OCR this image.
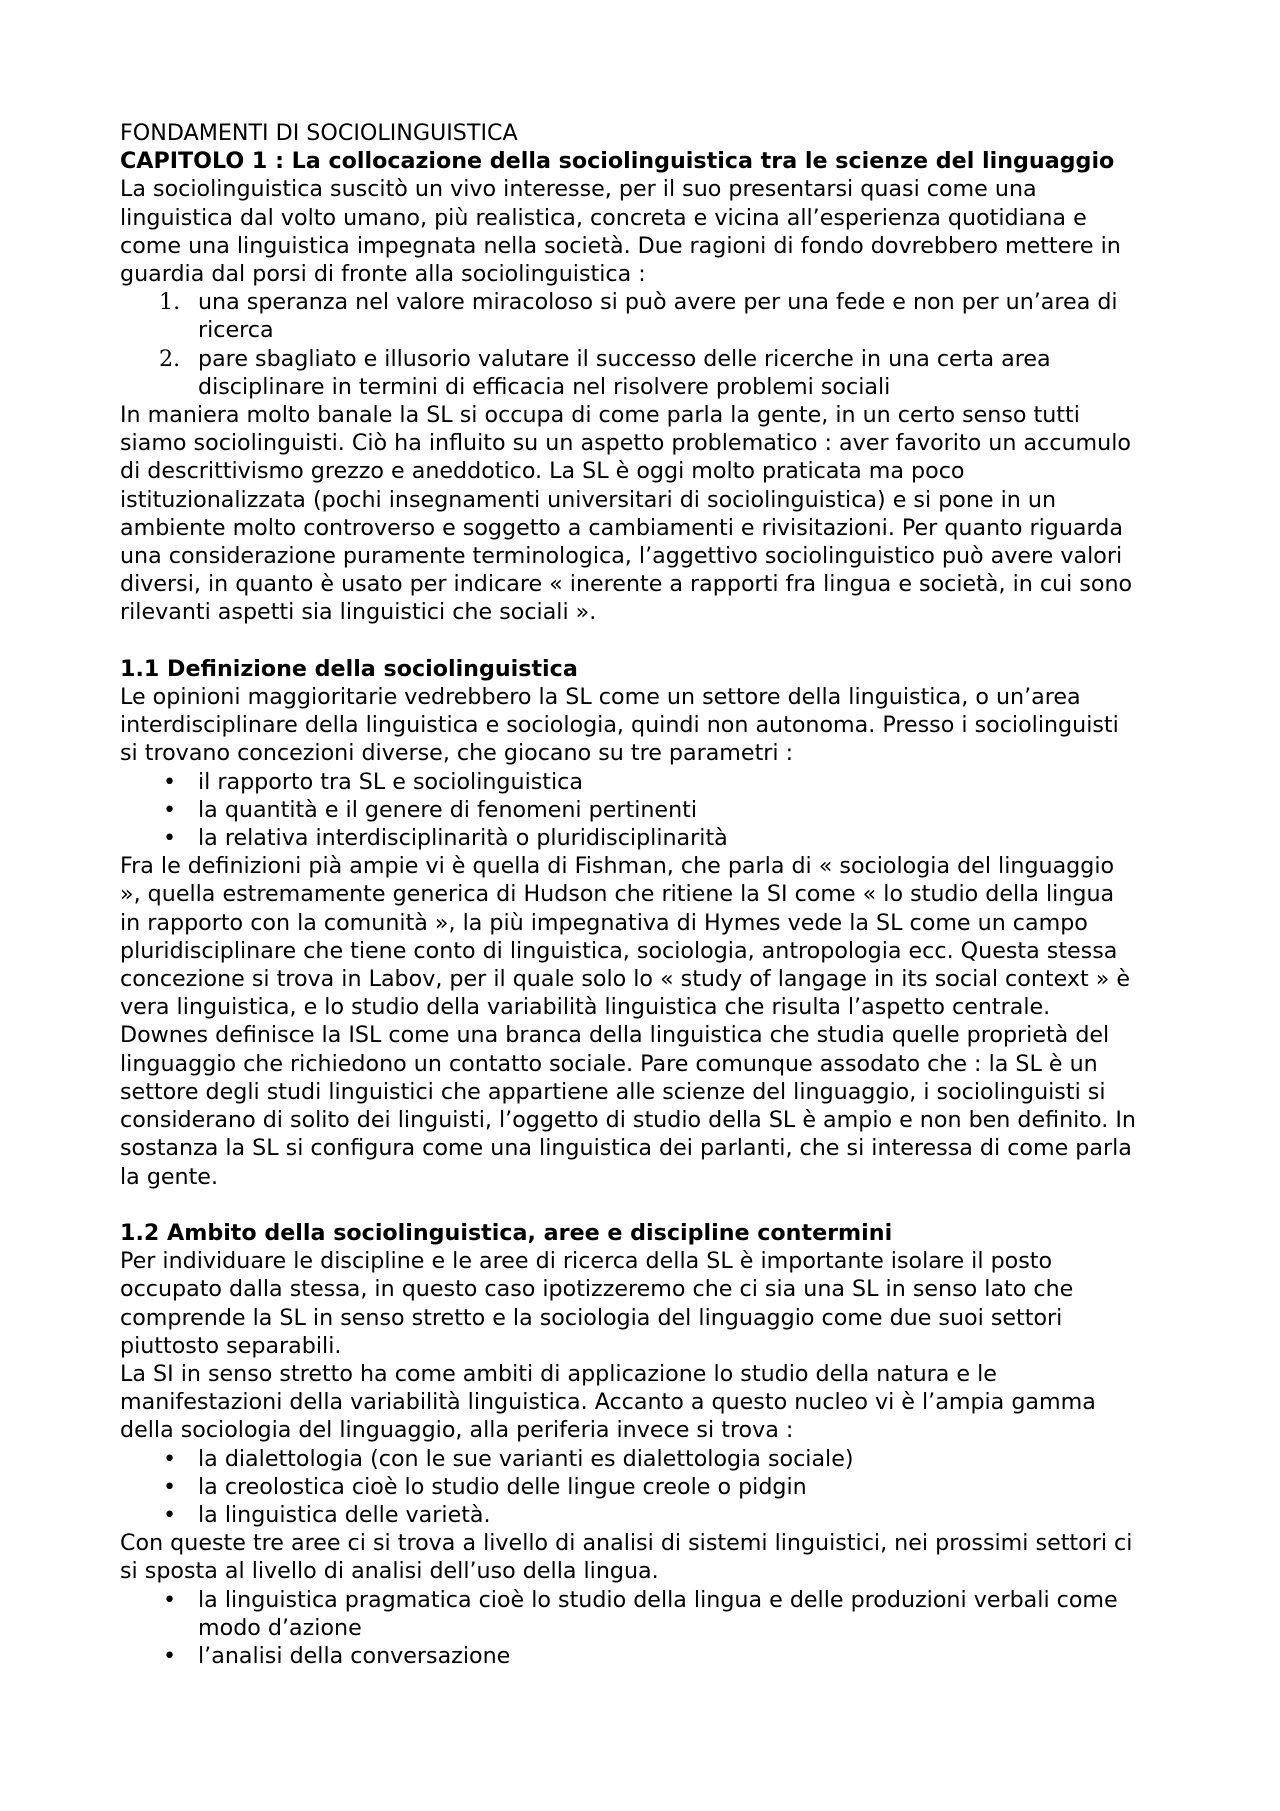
FONDAMENTI DI SOCIOLINGUISTICA

CAPITOLO 1 : La collocazione della sociolinguistica tra le scienze del linguaggio

La sociolinguistica suscitò un vivo interesse, per il suo presentarsi quasi come una linguistica dal volto umano, più realistica, concreta e vicina all’esperienza quotidiana e come una linguistica impegnata nella società. Due ragioni di fondo dovrebbero mettere in guardia dal porsi di fronte alla sociolinguistica :

1. una speranza nel valore miracoloso si può avere per una fede e non per un’area di ricerca
2. pare sbagliato e illusorio valutare il successo delle ricerche in una certa area disciplinare in termini di efficacia nel risolvere problemi sociali

In maniera molto banale la SL si occupa di come parla la gente, in un certo senso tutti siamo sociolinguisti. Ciò ha influito su un aspetto problematico : aver favorito un accumulo di descrittivismo grezzo e aneddotico. La SL è oggi molto praticata ma poco istituzionalizzata (pochi insegnamenti universitari di sociolinguistica) e si pone in un ambiente molto controverso e soggetto a cambiamenti e rivisitazioni. Per quanto riguarda una considerazione puramente terminologica, l’aggettivo sociolinguistico può avere valori diversi, in quanto è usato per indicare « inerente a rapporti fra lingua e società, in cui sono rilevanti aspetti sia linguistici che sociali ».

1.1 Definizione della sociolinguistica

Le opinioni maggioritarie vedrebbero la SL come un settore della linguistica, o un’area interdisciplinare della linguistica e sociologia, quindi non autonoma. Presso i sociolinguisti si trovano concezioni diverse, che giocano su tre parametri :

• il rapporto tra SL e sociolinguistica
• la quantità e il genere di fenomeni pertinenti
• la relativa interdisciplinarità o pluridisciplinarità

Fra le definizioni pià ampie vi è quella di Fishman, che parla di « sociologia del linguaggio », quella estremamente generica di Hudson che ritiene la SI come « lo studio della lingua in rapporto con la comunità », la più impegnativa di Hymes vede la SL come un campo pluridisciplinare che tiene conto di linguistica, sociologia, antropologia ecc. Questa stessa concezione si trova in Labov, per il quale solo lo « study of langage in its social context » è vera linguistica, e lo studio della variabilità linguistica che risulta l’aspetto centrale. Downes definisce la ISL come una branca della linguistica che studia quelle proprietà del linguaggio che richiedono un contatto sociale. Pare comunque assodato che : la SL è un settore degli studi linguistici che appartiene alle scienze del linguaggio, i sociolinguisti si considerano di solito dei linguisti, l’oggetto di studio della SL è ampio e non ben definito. In sostanza la SL si configura come una linguistica dei parlanti, che si interessa di come parla la gente.

1.2 Ambito della sociolinguistica, aree e discipline contermini

Per individuare le discipline e le aree di ricerca della SL è importante isolare il posto occupato dalla stessa, in questo caso ipotizzeremo che ci sia una SL in senso lato che comprende la SL in senso stretto e la sociologia del linguaggio come due suoi settori piuttosto separabili.

La SI in senso stretto ha come ambiti di applicazione lo studio della natura e le manifestazioni della variabilità linguistica. Accanto a questo nucleo vi è l’ampia gamma della sociologia del linguaggio, alla periferia invece si trova :

• la dialettologia (con le sue varianti es dialettologia sociale)
• la creolostica cioè lo studio delle lingue creole o pidgin
• la linguistica delle varietà.

Con queste tre aree ci si trova a livello di analisi di sistemi linguistici, nei prossimi settori ci si sposta al livello di analisi dell’uso della lingua.

• la linguistica pragmatica cioè lo studio della lingua e delle produzioni verbali come modo d’azione
• l’analisi della conversazione
